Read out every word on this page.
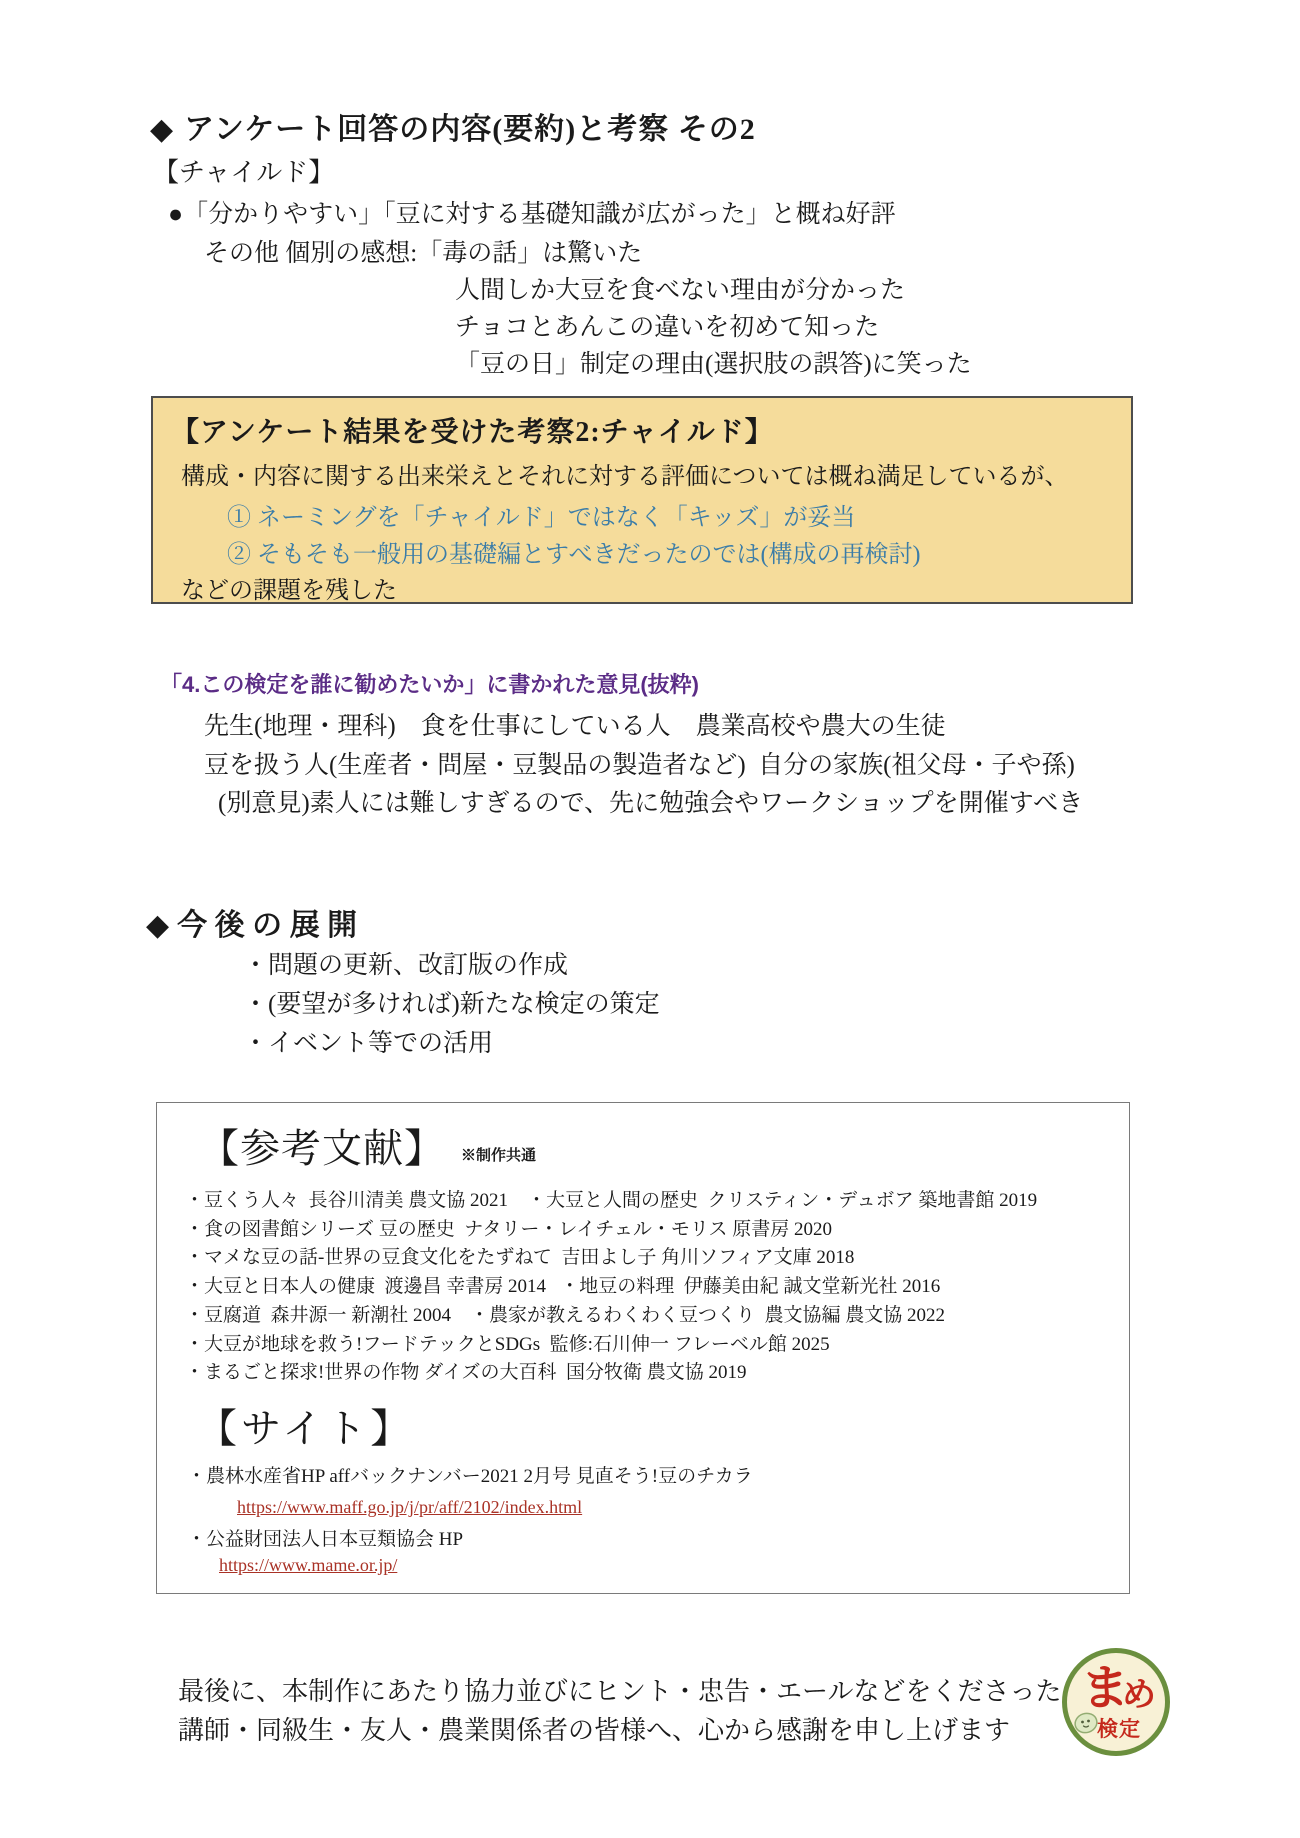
◆ アンケート回答の内容(要約)と考察 その2
【チャイルド】
●「分かりやすい」「豆に対する基礎知識が広がった」と概ね好評
その他 個別の感想:「毒の話」は驚いた
人間しか大豆を食べない理由が分かった
チョコとあんこの違いを初めて知った
「豆の日」制定の理由(選択肢の誤答)に笑った
【アンケート結果を受けた考察2:チャイルド】
構成・内容に関する出来栄えとそれに対する評価については概ね満足しているが、
① ネーミングを「チャイルド」ではなく「キッズ」が妥当
② そもそも一般用の基礎編とすべきだったのでは(構成の再検討)
などの課題を残した
「4.この検定を誰に勧めたいか」に書かれた意見(抜粋)
先生(地理・理科)    食を仕事にしている人    農業高校や農大の生徒
豆を扱う人(生産者・問屋・豆製品の製造者など)  自分の家族(祖父母・子や孫)
(別意見)素人には難しすぎるので、先に勉強会やワークショップを開催すべき
◆ 今 後 の 展 開
・問題の更新、改訂版の作成
・(要望が多ければ)新たな検定の策定
・イベント等での活用
【参考文献】 ※制作共通
・豆くう人々  長谷川清美 農文協 2021    ・大豆と人間の歴史  クリスティン・デュボア 築地書館 2019
・食の図書館シリーズ 豆の歴史  ナタリー・レイチェル・モリス 原書房 2020
・マメな豆の話-世界の豆食文化をたずねて  吉田よし子 角川ソフィア文庫 2018
・大豆と日本人の健康  渡邊昌 幸書房 2014   ・地豆の料理  伊藤美由紀 誠文堂新光社 2016
・豆腐道  森井源一 新潮社 2004    ・農家が教えるわくわく豆つくり  農文協編 農文協 2022
・大豆が地球を救う!フードテックとSDGs  監修:石川伸一 フレーベル館 2025
・まるごと探求!世界の作物 ダイズの大百科  国分牧衛 農文協 2019
【サイト】
・農林水産省HP affバックナンバー2021 2月号 見直そう!豆のチカラ
https://www.maff.go.jp/j/pr/aff/2102/index.html
・公益財団法人日本豆類協会 HP
https://www.mame.or.jp/
最後に、本制作にあたり協力並びにヒント・忠告・エールなどをくださった
講師・同級生・友人・農業関係者の皆様へ、心から感謝を申し上げます
ま
め
検定
